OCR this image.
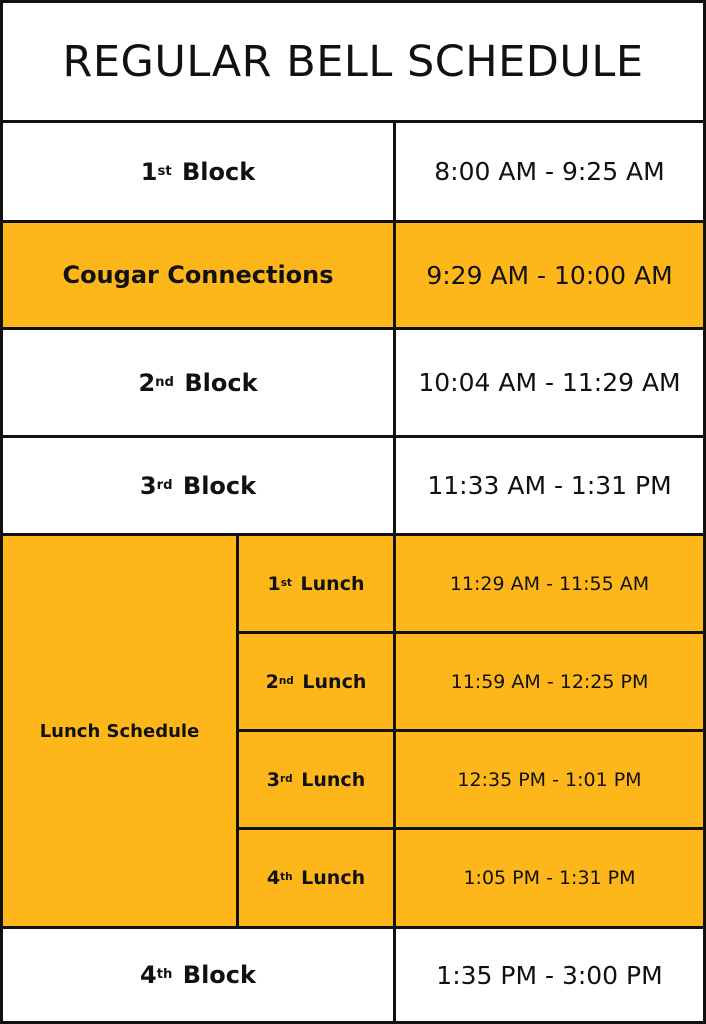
REGULAR BELL SCHEDULE
1st Block	8:00 AM - 9:25 AM
Cougar Connections	9:29 AM - 10:00 AM
2nd Block	10:04 AM - 11:29 AM
3rd Block	11:33 AM - 1:31 PM
Lunch Schedule
1st Lunch	11:29 AM - 11:55 AM
2nd Lunch	11:59 AM - 12:25 PM
3rd Lunch	12:35 PM - 1:01 PM
4th Lunch	1:05 PM - 1:31 PM
4th Block	1:35 PM - 3:00 PM
